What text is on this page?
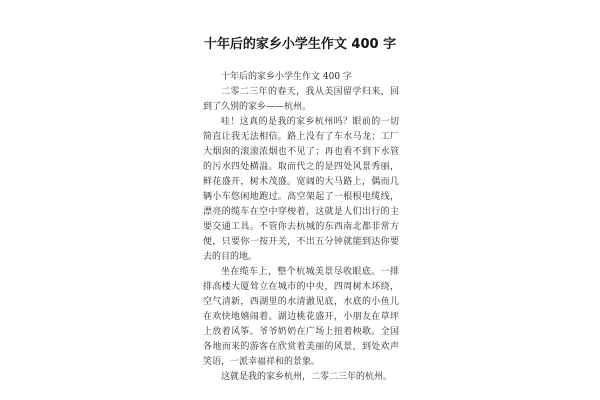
十年后的家乡小学生作文 400 字

十年后的家乡小学生作文 400 字

二零二三年的春天，我从美国留学归来，回到了久别的家乡——杭州。

哇！这真的是我的家乡杭州吗？眼前的一切简直让我无法相信。路上没有了车水马龙；工厂大烟囱的滚滚浓烟也不见了；再也看不到下水管的污水四处横溢。取而代之的是四处风景秀丽，鲜花盛开，树木茂盛。宽阔的大马路上，偶而几辆小车悠闲地跑过。高空架起了一根根电缆线，漂亮的缆车在空中穿梭着，这就是人们出行的主要交通工具。不管你去杭城的东西南北都非常方便，只要你一按开关，不出五分钟就能到达你要去的目的地。

坐在缆车上，整个杭城美景尽收眼底。一排排高楼大厦耸立在城市的中央，四周树木环绕，空气清新，西湖里的水清澈见底，水底的小鱼儿在欢快地嬉闹着。湖边桃花盛开，小朋友在草坪上放着风筝。爷爷奶奶在广场上扭着秧歌。全国各地而来的游客在欣赏着美丽的风景，到处欢声笑语，一派幸福祥和的景象。

这就是我的家乡杭州，二零二三年的杭州。
